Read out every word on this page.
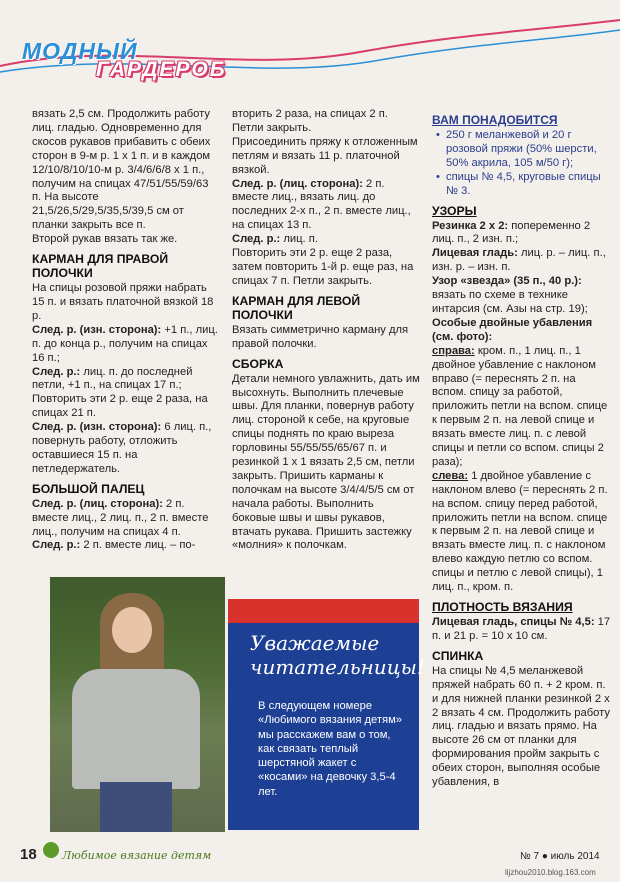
МОДНЫЙ
ГАРДЕРОБ

вязать 2,5 см. Продолжить работу лиц. гладью. Одновременно для скосов рукавов прибавить с обеих сторон в 9-м р. 1 х 1 п. и в каждом 12/10/8/10/10-м р. 3/4/6/6/8 х 1 п., получим на спицах 47/51/55/59/63 п. На высоте 21,5/26,5/29,5/35,5/39,5 см от планки закрыть все п.

Второй рукав вязать так же.

КАРМАН ДЛЯ ПРАВОЙ ПОЛОЧКИ

На спицы розовой пряжи набрать 15 п. и вязать платочной вязкой 18 р.

След. р. (изн. сторона): +1 п., лиц. п. до конца р., получим на спицах 16 п.;

След. р.: лиц. п. до последней петли, +1 п., на спицах 17 п.;

Повторить эти 2 р. еще 2 раза, на спицах 21 п.

След. р. (изн. сторона): 6 лиц. п., повернуть работу, отложить оставшиеся 15 п. на петледержатель.

БОЛЬШОЙ ПАЛЕЦ

След. р. (лиц. сторона): 2 п. вместе лиц., 2 лиц. п., 2 п. вместе лиц., получим на спицах 4 п.

След. р.: 2 п. вместе лиц. – по-

вторить 2 раза, на спицах 2 п. Петли закрыть.

Присоединить пряжу к отложенным петлям и вязать 11 р. платочной вязкой.

След. р. (лиц. сторона): 2 п. вместе лиц., вязать лиц. до последних 2-х п., 2 п. вместе лиц., на спицах 13 п.

След. р.: лиц. п.

Повторить эти 2 р. еще 2 раза, затем повторить 1-й р. еще раз, на спицах 7 п. Петли закрыть.

КАРМАН ДЛЯ ЛЕВОЙ ПОЛОЧКИ

Вязать симметрично карману для правой полочки.

СБОРКА

Детали немного увлажнить, дать им высохнуть. Выполнить плечевые швы. Для планки, повернув работу лиц. стороной к себе, на круговые спицы поднять по краю выреза горловины 55/55/55/65/67 п. и резинкой 1 х 1 вязать 2,5 см, петли закрыть. Пришить карманы к полочкам на высоте 3/4/4/5/5 см от начала работы. Выполнить боковые швы и швы рукавов, втачать рукава. Пришить застежку «молния» к полочкам.

ВАМ ПОНАДОБИТСЯ
• 250 г меланжевой и 20 г розовой пряжи (50% шерсти, 50% акрила, 105 м/50 г);
• спицы № 4,5, круговые спицы № 3.
УЗОРЫ

Резинка 2 х 2: попеременно 2 лиц. п., 2 изн. п.;

Лицевая гладь: лиц. р. – лиц. п., изн. р. – изн. п.

Узор «звезда» (35 п., 40 р.): вязать по схеме в технике интарсия (см. Азы на стр. 19);

Особые двойные убавления (см. фото):

справа: кром. п., 1 лиц. п., 1 двойное убавление с наклоном вправо (= переснять 2 п. на вспом. спицу за работой, приложить петли на вспом. спице к первым 2 п. на левой спице и вязать вместе лиц. п. с левой спицы и петли со вспом. спицы 2 раза);

слева: 1 двойное убавление с наклоном влево (= переснять 2 п. на вспом. спицу перед работой, приложить петли на вспом. спице к первым 2 п. на левой спице и вязать вместе лиц. п. с наклоном влево каждую петлю со вспом. спицы и петлю с левой спицы), 1 лиц. п., кром. п.

ПЛОТНОСТЬ ВЯЗАНИЯ

Лицевая гладь, спицы № 4,5: 17 п. и 21 р. = 10 х 10 см.

СПИНКА

На спицы № 4,5 меланжевой пряжей набрать 60 п. + 2 кром. п. и для нижней планки резинкой 2 х 2 вязать 4 см. Продолжить работу лиц. гладью и вязать прямо. На высоте 26 см от планки для формирования пройм закрыть с обеих сторон, выполняя особые убавления, в

Уважаемые читательницы!
В следующем номере «Любимого вязания детям» мы расскажем вам о том, как связать теплый шерстяной жакет с «косами» на девочку 3,5-4 лет.
18 Любимое вязание детям	№ 7 ● июль 2014
lijzhou2010.blog.163.com
